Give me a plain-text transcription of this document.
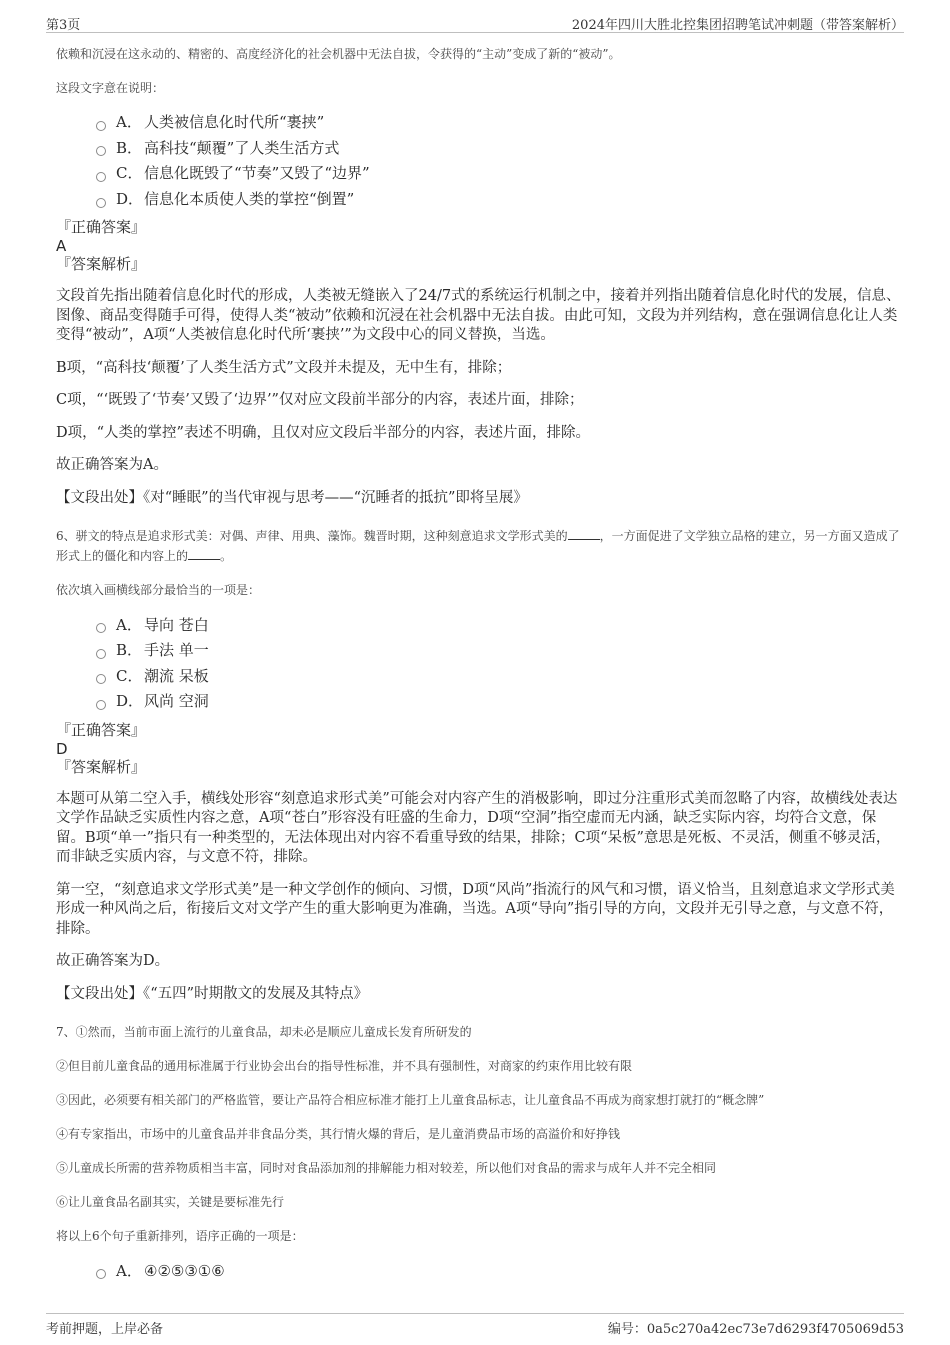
第3页	2024年四川大胜北控集团招聘笔试冲刺题（带答案解析）

依赖和沉浸在这永动的、精密的、高度经济化的社会机器中无法自拔，令获得的“主动”变成了新的“被动”。

这段文字意在说明：

A． 人类被信息化时代所“裹挟”
B． 高科技“颠覆”了人类生活方式
C． 信息化既毁了“节奏”又毁了“边界”
D． 信息化本质使人类的掌控“倒置”

『正确答案』

A

『答案解析』

文段首先指出随着信息化时代的形成，人类被无缝嵌入了24/7式的系统运行机制之中，接着并列指出随着信息化时代的发展，信息、图像、商品变得随手可得，使得人类“被动”依赖和沉浸在社会机器中无法自拔。由此可知，文段为并列结构，意在强调信息化让人类变得“被动”，A项“人类被信息化时代所‘裹挟’”为文段中心的同义替换，当选。

B项，“高科技‘颠覆’了人类生活方式”文段并未提及，无中生有，排除；

C项，“‘既毁了‘节奏’又毁了‘边界’”仅对应文段前半部分的内容，表述片面，排除；

D项，“人类的掌控”表述不明确，且仅对应文段后半部分的内容，表述片面，排除。

故正确答案为A。

【文段出处】《对“睡眠”的当代审视与思考——“沉睡者的抵抗”即将呈展》

6、骈文的特点是追求形式美：对偶、声律、用典、藻饰。魏晋时期，这种刻意追求文学形式美的	，一方面促进了文学独立品格的建立，另一方面又造成了形式上的僵化和内容上的	。

依次填入画横线部分最恰当的一项是：

A． 导向 苍白
B． 手法 单一
C． 潮流 呆板
D． 风尚 空洞

『正确答案』

D

『答案解析』

本题可从第二空入手，横线处形容“刻意追求形式美”可能会对内容产生的消极影响，即过分注重形式美而忽略了内容，故横线处表达文学作品缺乏实质性内容之意，A项“苍白”形容没有旺盛的生命力，D项“空洞”指空虚而无内涵，缺乏实际内容，均符合文意，保留。B项“单一”指只有一种类型的，无法体现出对内容不看重导致的结果，排除；C项“呆板”意思是死板、不灵活，侧重不够灵活，而非缺乏实质内容，与文意不符，排除。

第一空，“刻意追求文学形式美”是一种文学创作的倾向、习惯，D项“风尚”指流行的风气和习惯，语义恰当，且刻意追求文学形式美形成一种风尚之后，衔接后文对文学产生的重大影响更为准确，当选。A项“导向”指引导的方向，文段并无引导之意，与文意不符，排除。

故正确答案为D。

【文段出处】《“五四”时期散文的发展及其特点》

7、①然而，当前市面上流行的儿童食品，却未必是顺应儿童成长发育所研发的

②但目前儿童食品的通用标准属于行业协会出台的指导性标准，并不具有强制性，对商家的约束作用比较有限

③因此，必须要有相关部门的严格监管，要让产品符合相应标准才能打上儿童食品标志，让儿童食品不再成为商家想打就打的“概念牌”

④有专家指出，市场中的儿童食品并非食品分类，其行情火爆的背后，是儿童消费品市场的高溢价和好挣钱

⑤儿童成长所需的营养物质相当丰富，同时对食品添加剂的排解能力相对较差，所以他们对食品的需求与成年人并不完全相同

⑥让儿童食品名副其实，关键是要标准先行

将以上6个句子重新排列，语序正确的一项是：

A． ④②⑤③①⑥
考前押题，上岸必备	编号：0a5c270a42ec73e7d6293f4705069d53
